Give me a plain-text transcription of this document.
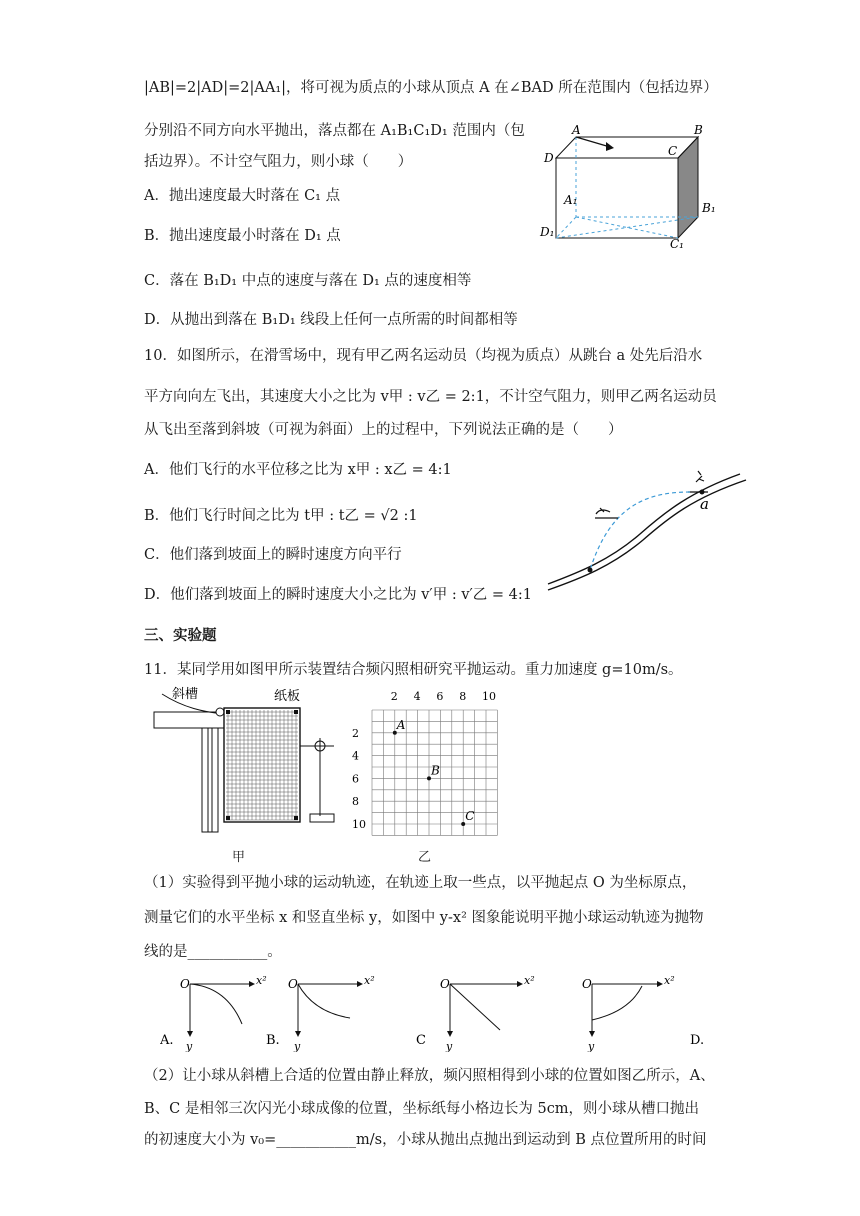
|AB|=2|AD|=2|AA₁|，将可视为质点的小球从顶点 A 在∠BAD 所在范围内（包括边界）
分别沿不同方向水平抛出，落点都在 A₁B₁C₁D₁ 范围内（包
括边界）。不计空气阻力，则小球（　　）
A．抛出速度最大时落在 C₁ 点
B．抛出速度最小时落在 D₁ 点
C．落在 B₁D₁ 中点的速度与落在 D₁ 点的速度相等
D．从抛出到落在 B₁D₁ 线段上任何一点所需的时间都相等
A	B
C
D
A₁
B₁
C₁
D₁
10．如图所示，在滑雪场中，现有甲乙两名运动员（均视为质点）从跳台 a 处先后沿水
平方向向左飞出，其速度大小之比为 v甲 : v乙 = 2:1，不计空气阻力，则甲乙两名运动员
从飞出至落到斜坡（可视为斜面）上的过程中，下列说法正确的是（　　）
A．他们飞行的水平位移之比为 x甲 : x乙 = 4:1
B．他们飞行时间之比为 t甲 : t乙 = √2 :1
C．他们落到坡面上的瞬时速度方向平行
D．他们落到坡面上的瞬时速度大小之比为 v′甲 : v′乙 = 4:1
a
三、实验题
11．某同学用如图甲所示装置结合频闪照相研究平抛运动。重力加速度 g=10m/s。
斜槽	纸板
甲
2 4 6 8 10
2
4
6
8
10
A
B
C
乙
（1）实验得到平抛小球的运动轨迹，在轨迹上取一些点，以平抛起点 O 为坐标原点，
测量它们的水平坐标 x 和竖直坐标 y，如图中 y-x² 图象能说明平抛小球运动轨迹为抛物
线的是___________。
O	x²
y
A.
O	x²
y
B.
O	x²
y
C
O	x²
y	D.
（2）让小球从斜槽上合适的位置由静止释放，频闪照相得到小球的位置如图乙所示，A、
B、C 是相邻三次闪光小球成像的位置，坐标纸每小格边长为 5cm，则小球从槽口抛出
的初速度大小为 v₀=___________m/s，小球从抛出点抛出到运动到 B 点位置所用的时间
